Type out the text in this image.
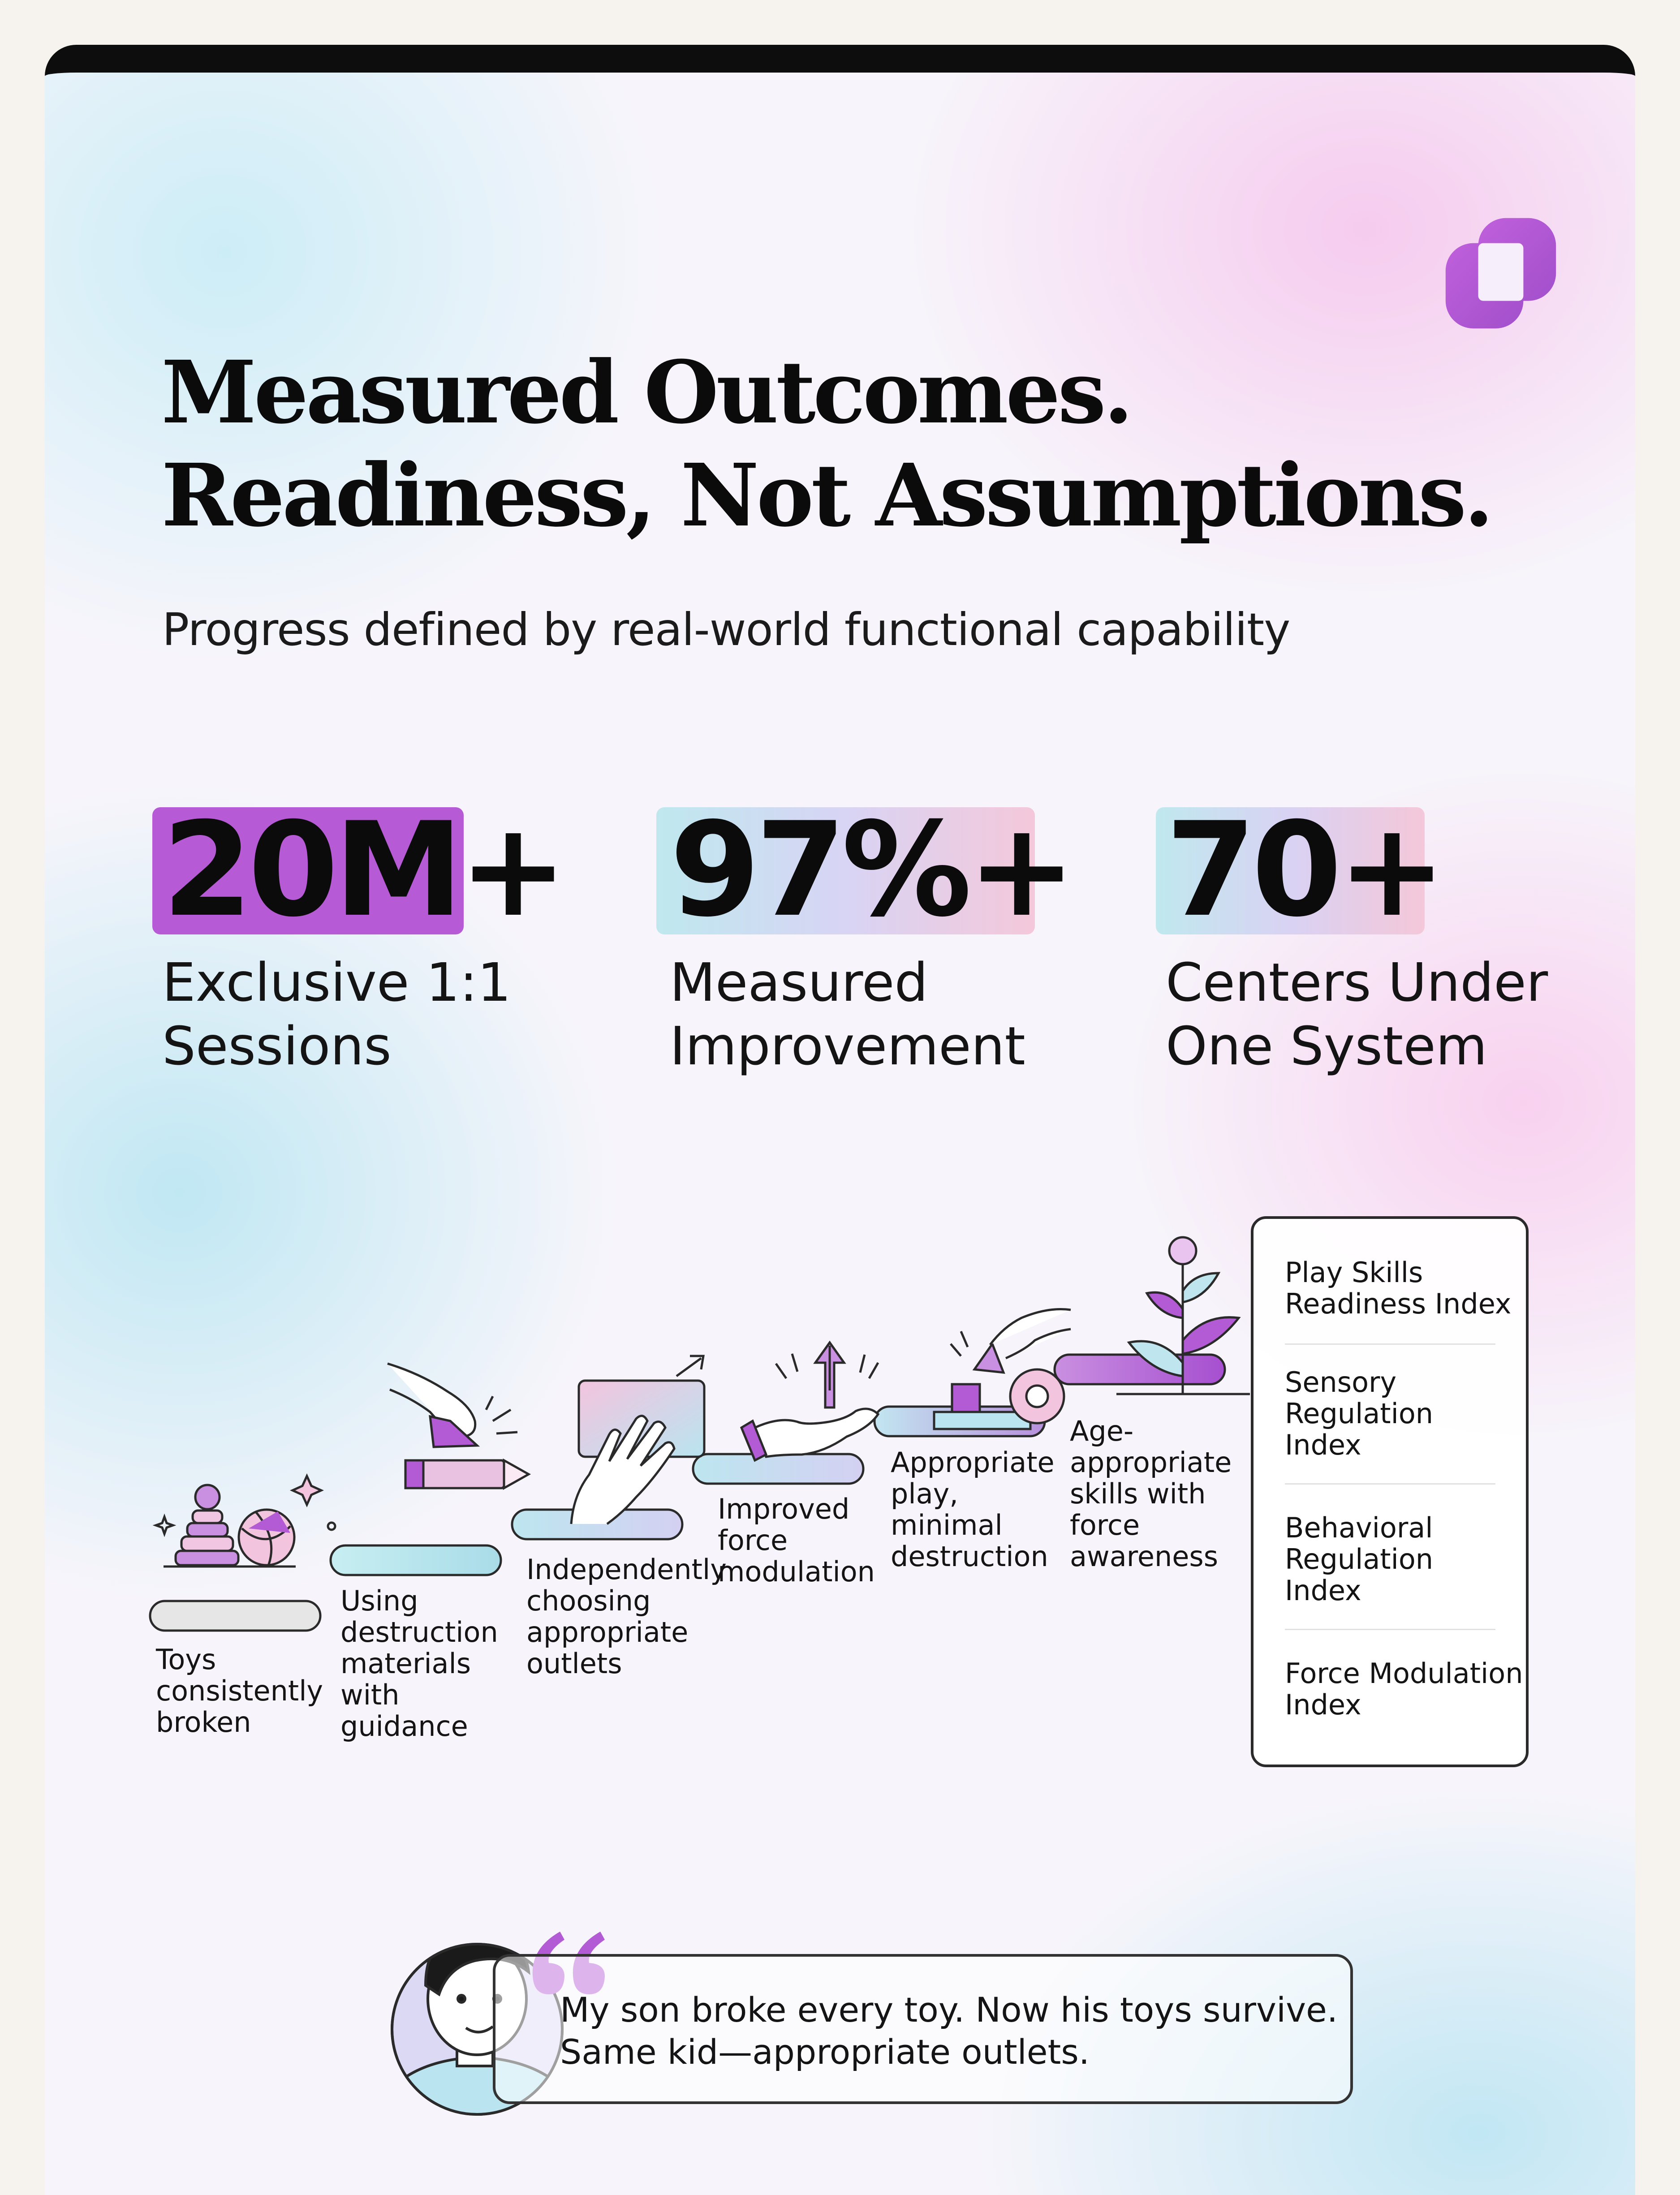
Measured Outcomes.
Readiness, Not Assumptions.

Progress defined by real-world functional capability

20M+
Exclusive 1:1
Sessions
97%+
Measured
Improvement
70+
Centers Under
One System
Toys
consistently
broken
Using
destruction
materials
with
guidance
Independently
choosing
appropriate
outlets
Improved
force
modulation
Appropriate
play,
minimal
destruction
Age-
appropriate
skills with
force
awareness
Play Skills
Readiness Index
Sensory
Regulation
Index
Behavioral
Regulation
Index
Force Modulation
Index
My son broke every toy. Now his toys survive.
Same kid—appropriate outlets.
